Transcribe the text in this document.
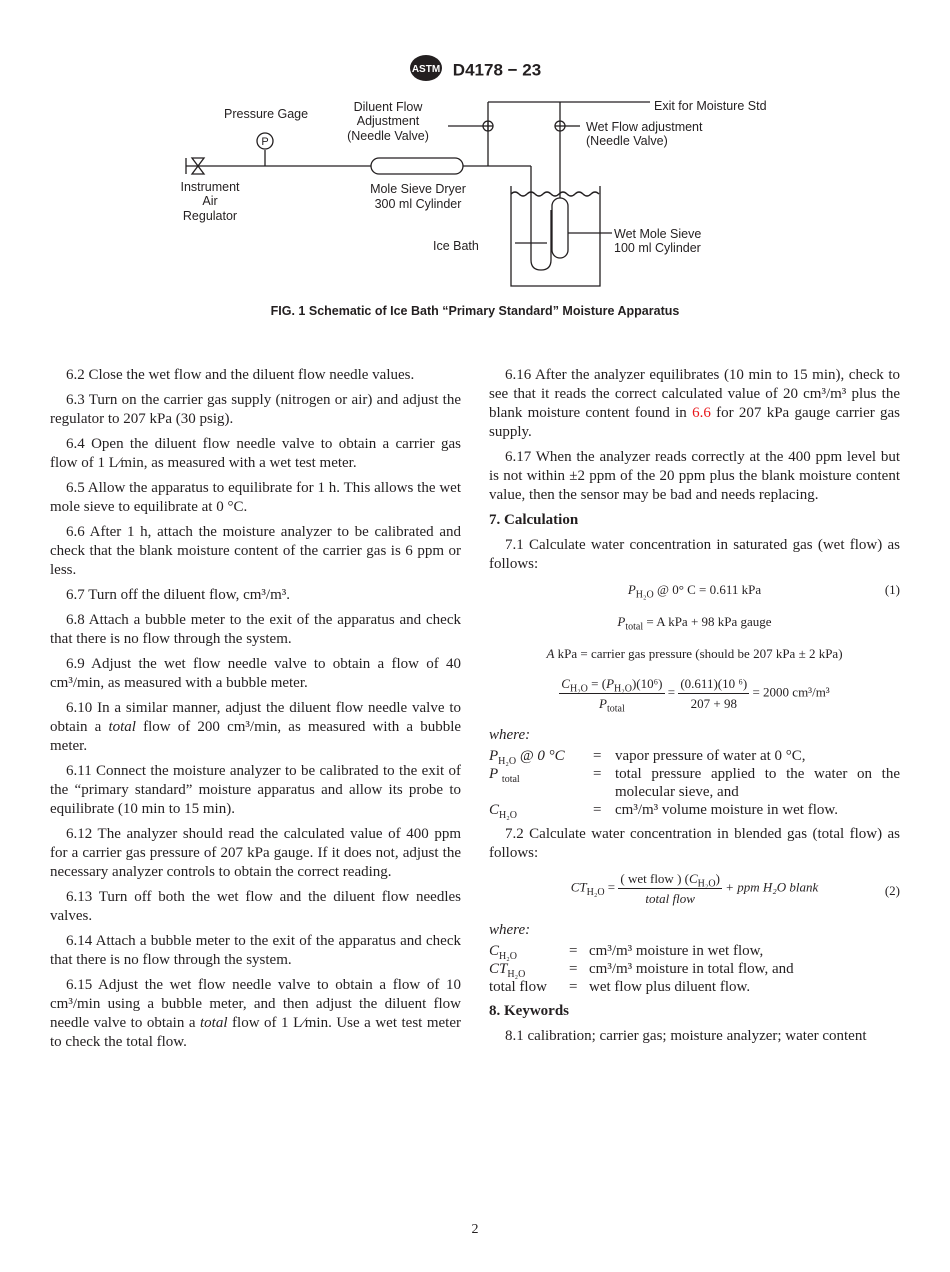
ASTM D4178 − 23
Pressure Gage
P
Diluent Flow
Adjustment
(Needle Valve)
Exit for Moisture Std
Wet Flow adjustment
(Needle Valve)
Instrument
Air
Regulator
Mole Sieve Dryer
300 ml Cylinder
Ice Bath
Wet Mole Sieve
100 ml Cylinder
FIG. 1 Schematic of Ice Bath “Primary Standard” Moisture Apparatus

6.2 Close the wet flow and the diluent flow needle values.

6.3 Turn on the carrier gas supply (nitrogen or air) and adjust the regulator to 207 kPa (30 psig).

6.4 Open the diluent flow needle valve to obtain a carrier gas flow of 1 L⁄min, as measured with a wet test meter.

6.5 Allow the apparatus to equilibrate for 1 h. This allows the wet mole sieve to equilibrate at 0 °C.

6.6 After 1 h, attach the moisture analyzer to be calibrated and check that the blank moisture content of the carrier gas is 6 ppm or less.

6.7 Turn off the diluent flow, cm³/m³.

6.8 Attach a bubble meter to the exit of the apparatus and check that there is no flow through the system.

6.9 Adjust the wet flow needle valve to obtain a flow of 40 cm³/min, as measured with a bubble meter.

6.10 In a similar manner, adjust the diluent flow needle valve to obtain a total flow of 200 cm³/min, as measured with a bubble meter.

6.11 Connect the moisture analyzer to be calibrated to the exit of the “primary standard” moisture apparatus and allow its probe to equilibrate (10 min to 15 min).

6.12 The analyzer should read the calculated value of 400 ppm for a carrier gas pressure of 207 kPa gauge. If it does not, adjust the necessary analyzer controls to obtain the correct reading.

6.13 Turn off both the wet flow and the diluent flow needles valves.

6.14 Attach a bubble meter to the exit of the apparatus and check that there is no flow through the system.

6.15 Adjust the wet flow needle valve to obtain a flow of 10 cm³/min using a bubble meter, and then adjust the diluent flow needle valve to obtain a total flow of 1 L⁄min. Use a wet test meter to check the total flow.

6.16 After the analyzer equilibrates (10 min to 15 min), check to see that it reads the correct calculated value of 20 cm³/m³ plus the blank moisture content found in 6.6 for 207 kPa gauge carrier gas supply.

6.17 When the analyzer reads correctly at the 400 ppm level but is not within ±2 ppm of the 20 ppm plus the blank moisture content value, then the sensor may be bad and needs replacing.

7. Calculation

7.1 Calculate water concentration in saturated gas (wet flow) as follows:

$P_{H_2O}$ @ 0° C = 0.611 kPa	(1)
$P_{total} = A$ kPa + 98 kPa gauge
A kPa = carrier gas pressure (should be 207 kPa ± 2 kPa)
$\frac{C_{H_2O} = (P_{H_2O})(10^6)}{P_{total}} = \frac{\text{(0.611)(10 ⁶)}}{207 + 98} = 2000$ cm³/m³
where:
$P_{H_2O}$ @ 0 °C	=	vapor pressure of water at 0 °C,
P $_{total}$	=	total pressure applied to the water on the molecular sieve, and
$C_{H_2O}$	=	cm³/m³ volume moisture in wet flow.

7.2 Calculate water concentration in blended gas (total flow) as follows:

$CT_{H_2O} = \frac{( wet flow ) (C_{H_2O})}{\text{total flow}}$ + ppm H₂O blank	(2)
where:
$C_{H_2O}$	=	cm³/m³ moisture in wet flow,
$CT_{H_2O}$	=	cm³/m³ moisture in total flow, and
total flow	=	wet flow plus diluent flow.
8. Keywords

8.1 calibration; carrier gas; moisture analyzer; water content

2
